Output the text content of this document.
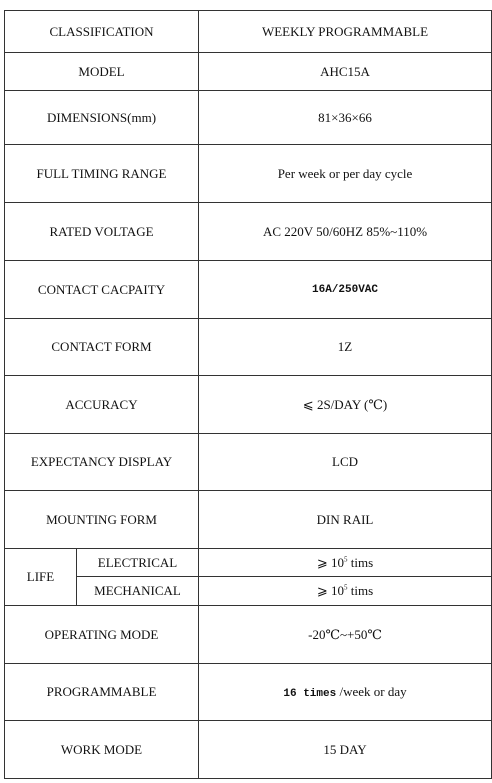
CLASSIFICATION		WEEKLY PROGRAMMABLE
MODEL		AHC15A
DIMENSIONS(mm)		81×36×66
FULL TIMING RANGE		Per week or per day cycle
RATED VOLTAGE		AC 220V 50/60HZ 85%~110%
CONTACT CACPAITY		16A/250VAC
CONTACT FORM		1Z
ACCURACY		⩽ 2S/DAY (℃)
EXPECTANCY DISPLAY		LCD
MOUNTING FORM		DIN RAIL
LIFE	ELECTRICAL	⩾ $10^5$ tims
	MECHANICAL	⩾ $10^5$ tims
OPERATING MODE		-20℃~+50℃
PROGRAMMABLE		16 times /week or day
WORK MODE		15 DAY
